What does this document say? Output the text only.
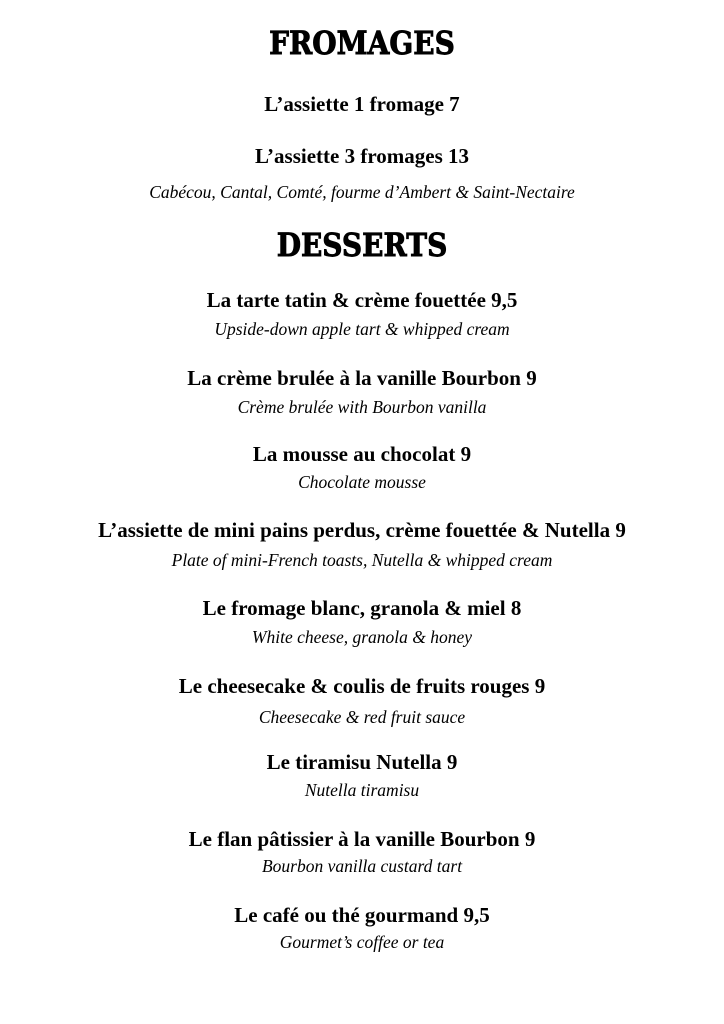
FROMAGES

L’assiette 1 fromage 7

L’assiette 3 fromages 13

Cabécou, Cantal, Comté, fourme d’Ambert & Saint-Nectaire

DESSERTS

La tarte tatin & crème fouettée 9,5

Upside-down apple tart & whipped cream

La crème brulée à la vanille Bourbon 9

Crème brulée with Bourbon vanilla

La mousse au chocolat 9

Chocolate mousse

L’assiette de mini pains perdus, crème fouettée & Nutella 9

Plate of mini-French toasts, Nutella & whipped cream

Le fromage blanc, granola & miel 8

White cheese, granola & honey

Le cheesecake & coulis de fruits rouges 9

Cheesecake & red fruit sauce

Le tiramisu Nutella 9

Nutella tiramisu

Le flan pâtissier à la vanille Bourbon 9

Bourbon vanilla custard tart

Le café ou thé gourmand 9,5

Gourmet’s coffee or tea
